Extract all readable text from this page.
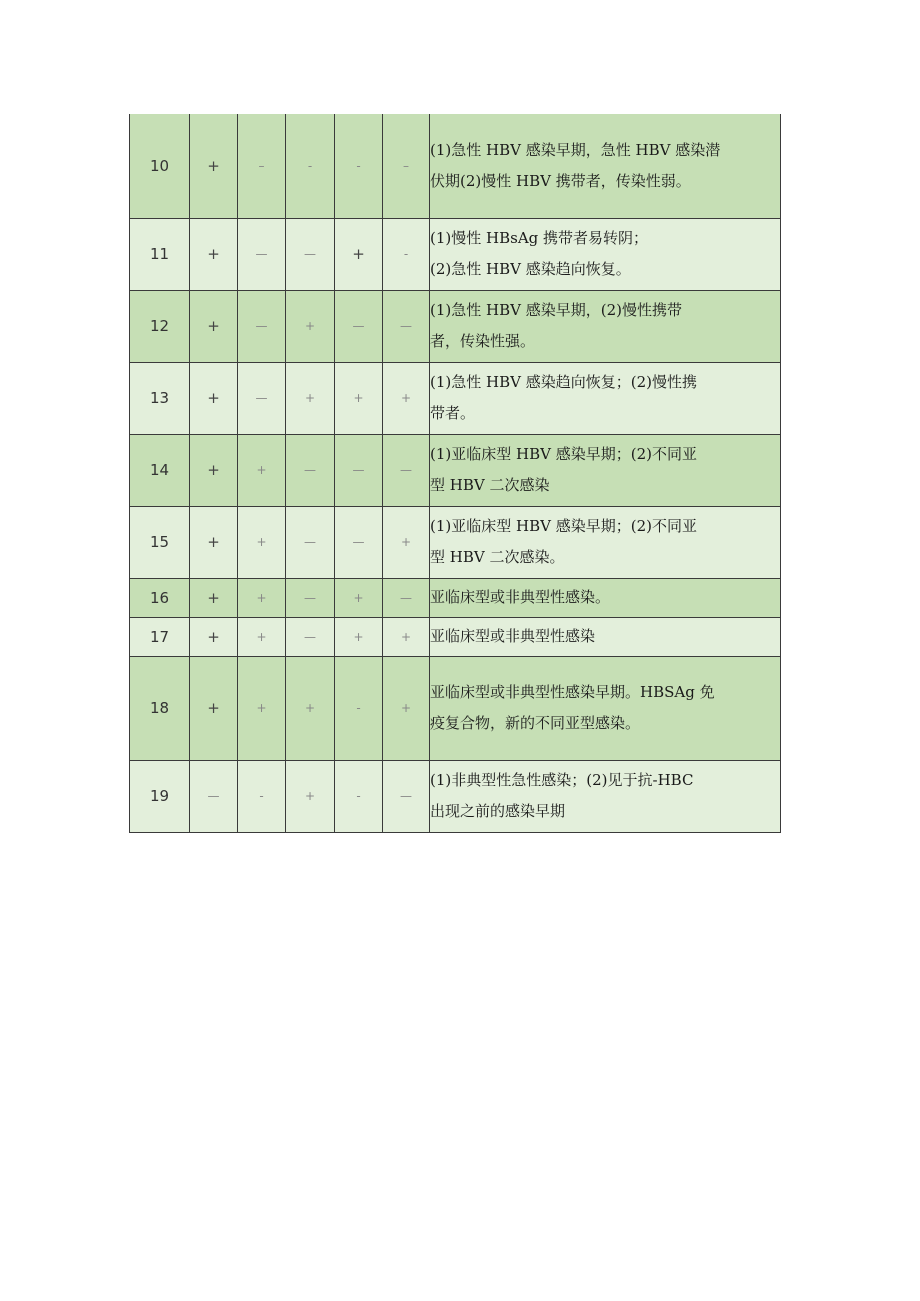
10	+	–	-	-	–	(1)急性 HBV 感染早期，急性 HBV 感染潜
伏期(2)慢性 HBV 携带者，传染性弱。

11	+	—	—	+	-	(1)慢性 HBsAg 携带者易转阴；
(2)急性 HBV 感染趋向恢复。

12	+	—	+	—	—	(1)急性 HBV 感染早期，(2)慢性携带
者，传染性强。

13	+	—	+	+	+	(1)急性 HBV 感染趋向恢复；(2)慢性携
带者。

14	+	+	—	—	—	(1)亚临床型 HBV 感染早期；(2)不同亚
型 HBV 二次感染

15	+	+	—	—	+	(1)亚临床型 HBV 感染早期；(2)不同亚
型 HBV 二次感染。

16	+	+	—	+	—	亚临床型或非典型性感染。

17	+	+	—	+	+	亚临床型或非典型性感染

18	+	+	+	-	+	亚临床型或非典型性感染早期。HBSAg 免
疫复合物，新的不同亚型感染。

19	—	-	+	-	—	(1)非典型性急性感染；(2)见于抗-HBC
出现之前的感染早期
